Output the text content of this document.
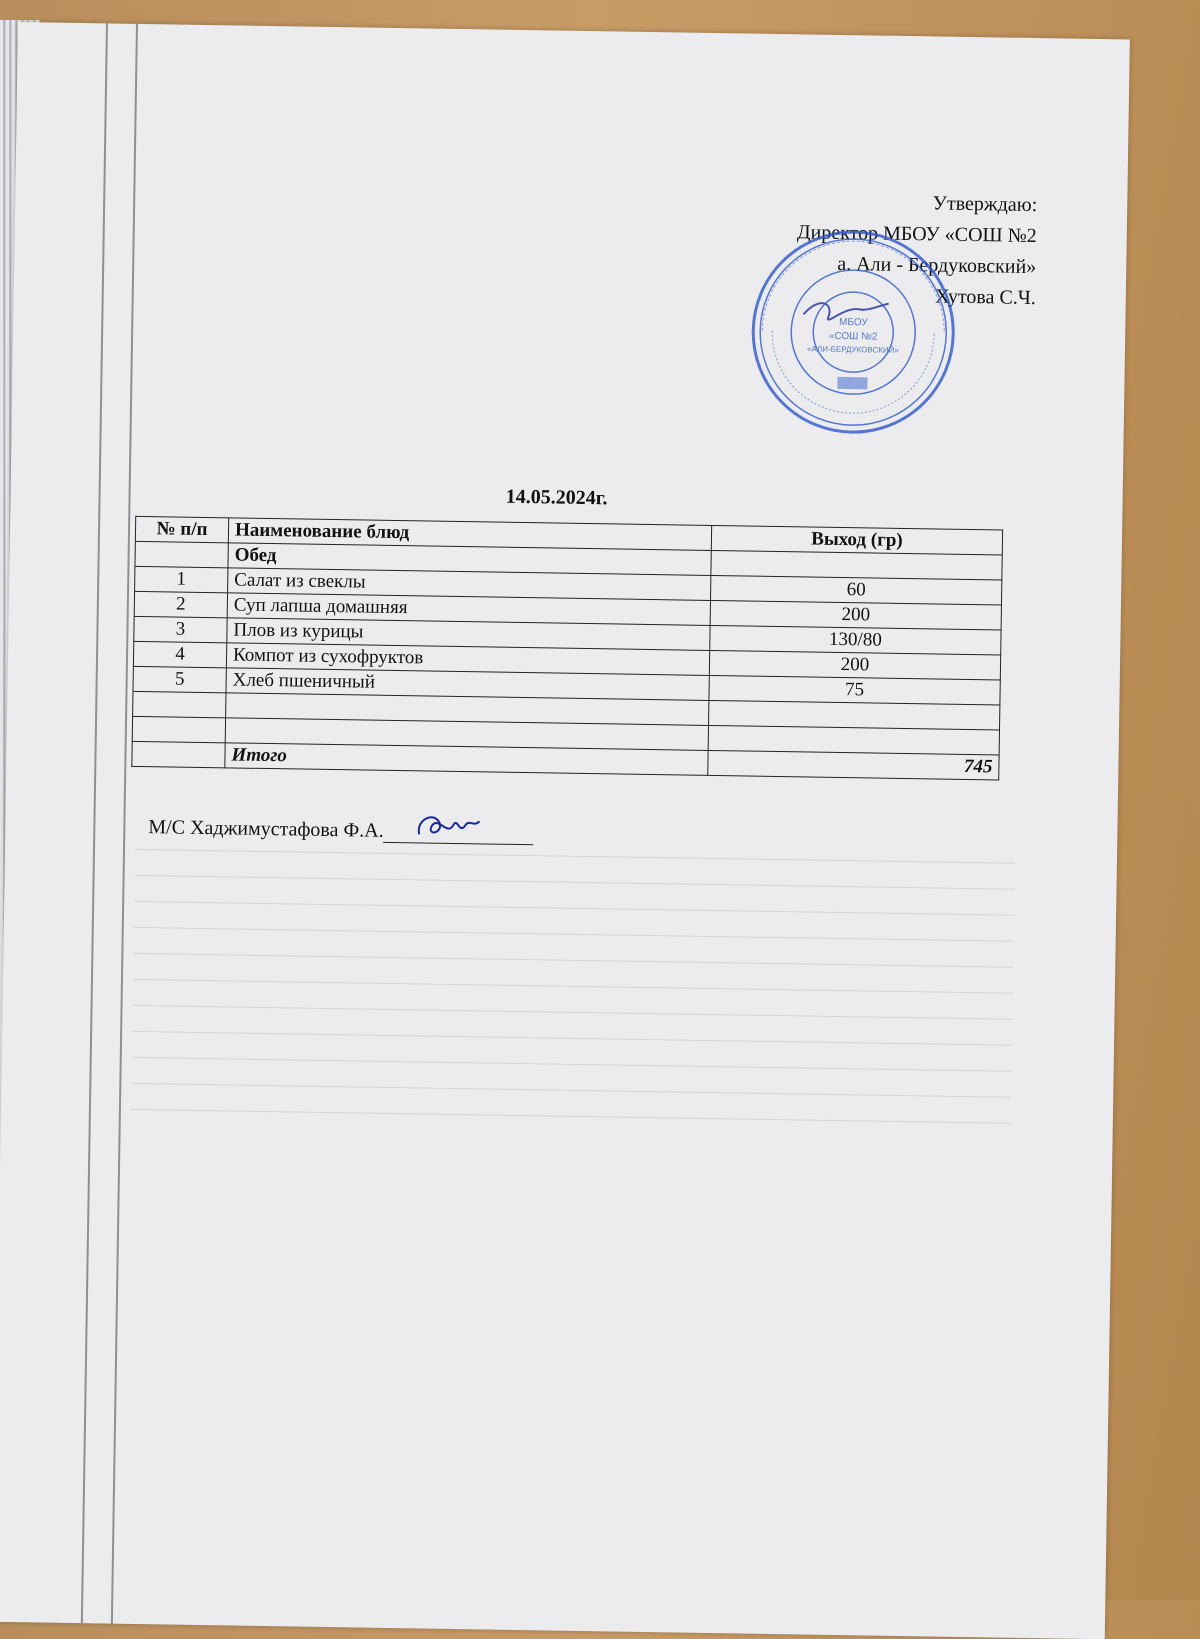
Утверждаю:
Директор МБОУ «СОШ №2
а. Али - Бердуковский»
Хутова С.Ч.
МБОУ
«СОШ №2
«АЛИ-БЕРДУКОВСКИЙ»
14.05.2024г.
№ п/п	Наименование блюд	Выход (гр)
	Обед	
1	Салат из свеклы	60
2	Суп лапша домашняя	200
3	Плов из курицы	130/80
4	Компот из сухофруктов	200
5	Хлеб пшеничный	75

	Итого	745
М/С Хаджимустафова Ф.А.
